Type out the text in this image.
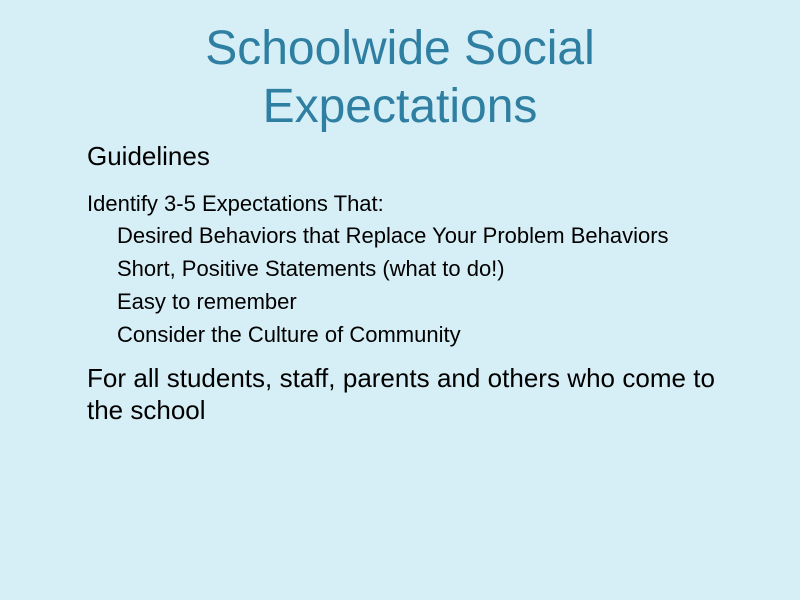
Schoolwide Social
Expectations

Guidelines

Identify 3-5 Expectations That:

Desired Behaviors that Replace Your Problem Behaviors
Short, Positive Statements (what to do!)
Easy to remember
Consider the Culture of Community

For all students, staff, parents and others who come to the school
